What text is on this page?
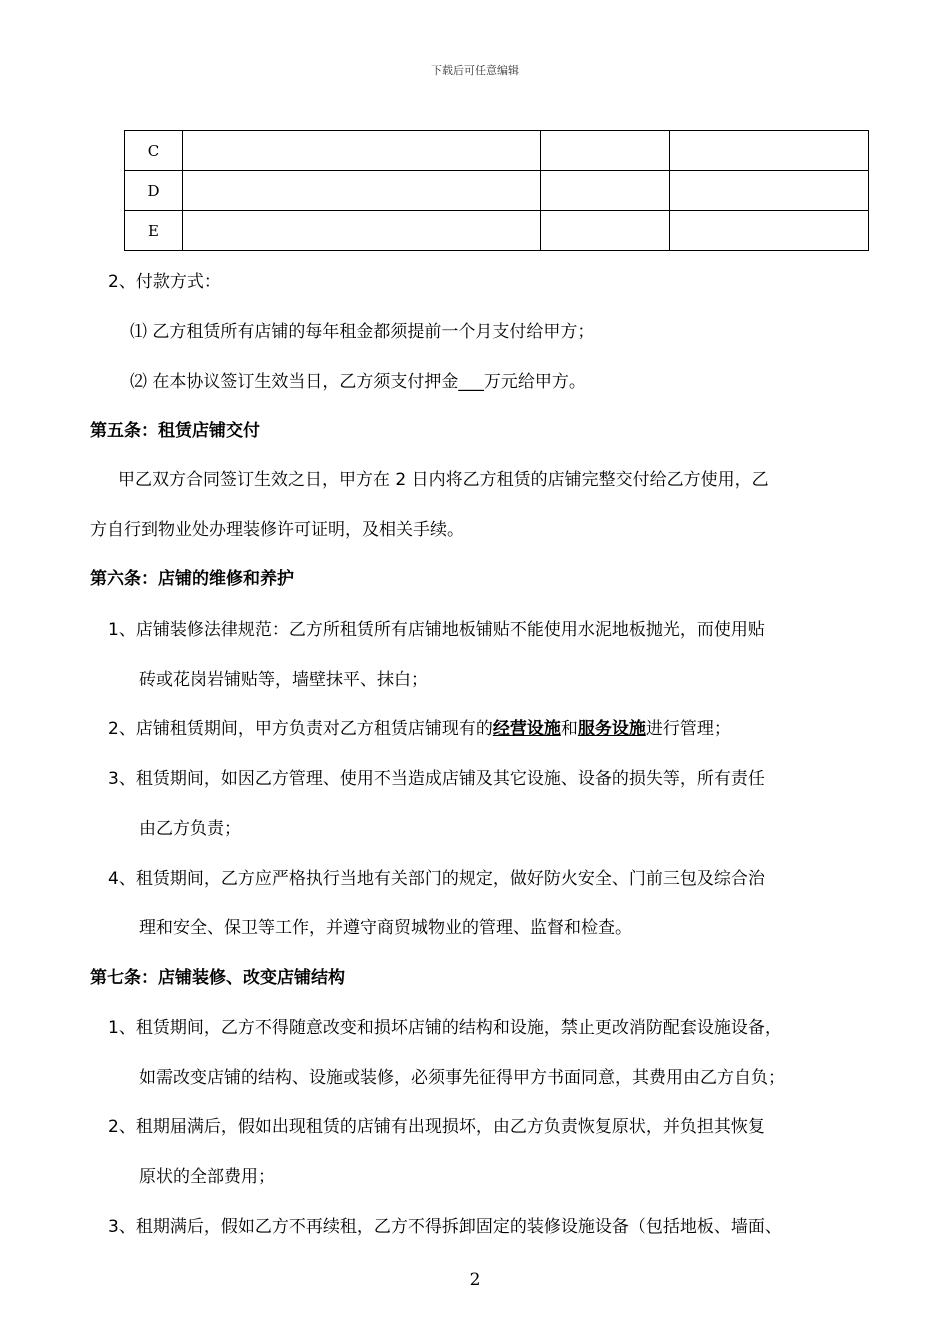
下载后可任意编辑
C			
D			
E			
2、付款方式：
⑴ 乙方租赁所有店铺的每年租金都须提前一个月支付给甲方；
⑵ 在本协议签订生效当日，乙方须支付押金___万元给甲方。
第五条：租赁店铺交付
甲乙双方合同签订生效之日，甲方在 2 日内将乙方租赁的店铺完整交付给乙方使用，乙
方自行到物业处办理装修许可证明，及相关手续。
第六条：店铺的维修和养护
1、店铺装修法律规范：乙方所租赁所有店铺地板铺贴不能使用水泥地板抛光，而使用贴
砖或花岗岩铺贴等，墙壁抹平、抹白；
2、店铺租赁期间，甲方负责对乙方租赁店铺现有的经营设施和服务设施进行管理；
3、租赁期间，如因乙方管理、使用不当造成店铺及其它设施、设备的损失等，所有责任
由乙方负责；
4、租赁期间，乙方应严格执行当地有关部门的规定，做好防火安全、门前三包及综合治
理和安全、保卫等工作，并遵守商贸城物业的管理、监督和检查。
第七条：店铺装修、改变店铺结构
1、租赁期间，乙方不得随意改变和损坏店铺的结构和设施，禁止更改消防配套设施设备，
如需改变店铺的结构、设施或装修，必须事先征得甲方书面同意，其费用由乙方自负；
2、租期届满后，假如出现租赁的店铺有出现损坏，由乙方负责恢复原状，并负担其恢复
原状的全部费用；
3、租期满后，假如乙方不再续租，乙方不得拆卸固定的装修设施设备（包括地板、墙面、
2
